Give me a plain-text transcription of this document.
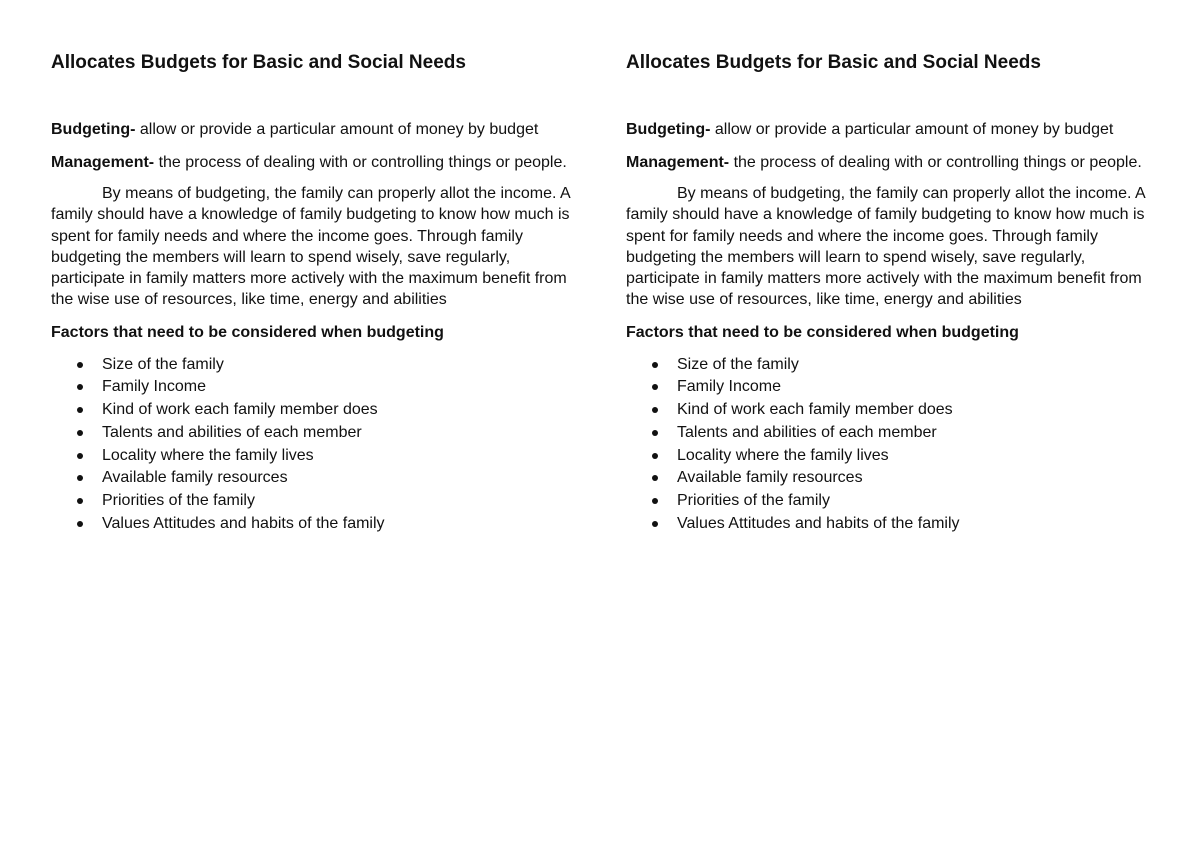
Allocates Budgets for Basic and Social Needs

Budgeting- allow or provide a particular amount of money by budget

Management- the process of dealing with or controlling things or people.

By means of budgeting, the family can properly allot the income. A family should have a knowledge of family budgeting to know how much is spent for family needs and where the income goes. Through family budgeting the members will learn to spend wisely, save regularly, participate in family matters more actively with the maximum benefit from the wise use of resources, like time, energy and abilities

Factors that need to be considered when budgeting

Size of the family
Family Income
Kind of work each family member does
Talents and abilities of each member
Locality where the family lives
Available family resources
Priorities of the family
Values Attitudes and habits of the family
Allocates Budgets for Basic and Social Needs

Budgeting- allow or provide a particular amount of money by budget

Management- the process of dealing with or controlling things or people.

By means of budgeting, the family can properly allot the income. A family should have a knowledge of family budgeting to know how much is spent for family needs and where the income goes. Through family budgeting the members will learn to spend wisely, save regularly, participate in family matters more actively with the maximum benefit from the wise use of resources, like time, energy and abilities

Factors that need to be considered when budgeting

Size of the family
Family Income
Kind of work each family member does
Talents and abilities of each member
Locality where the family lives
Available family resources
Priorities of the family
Values Attitudes and habits of the family
